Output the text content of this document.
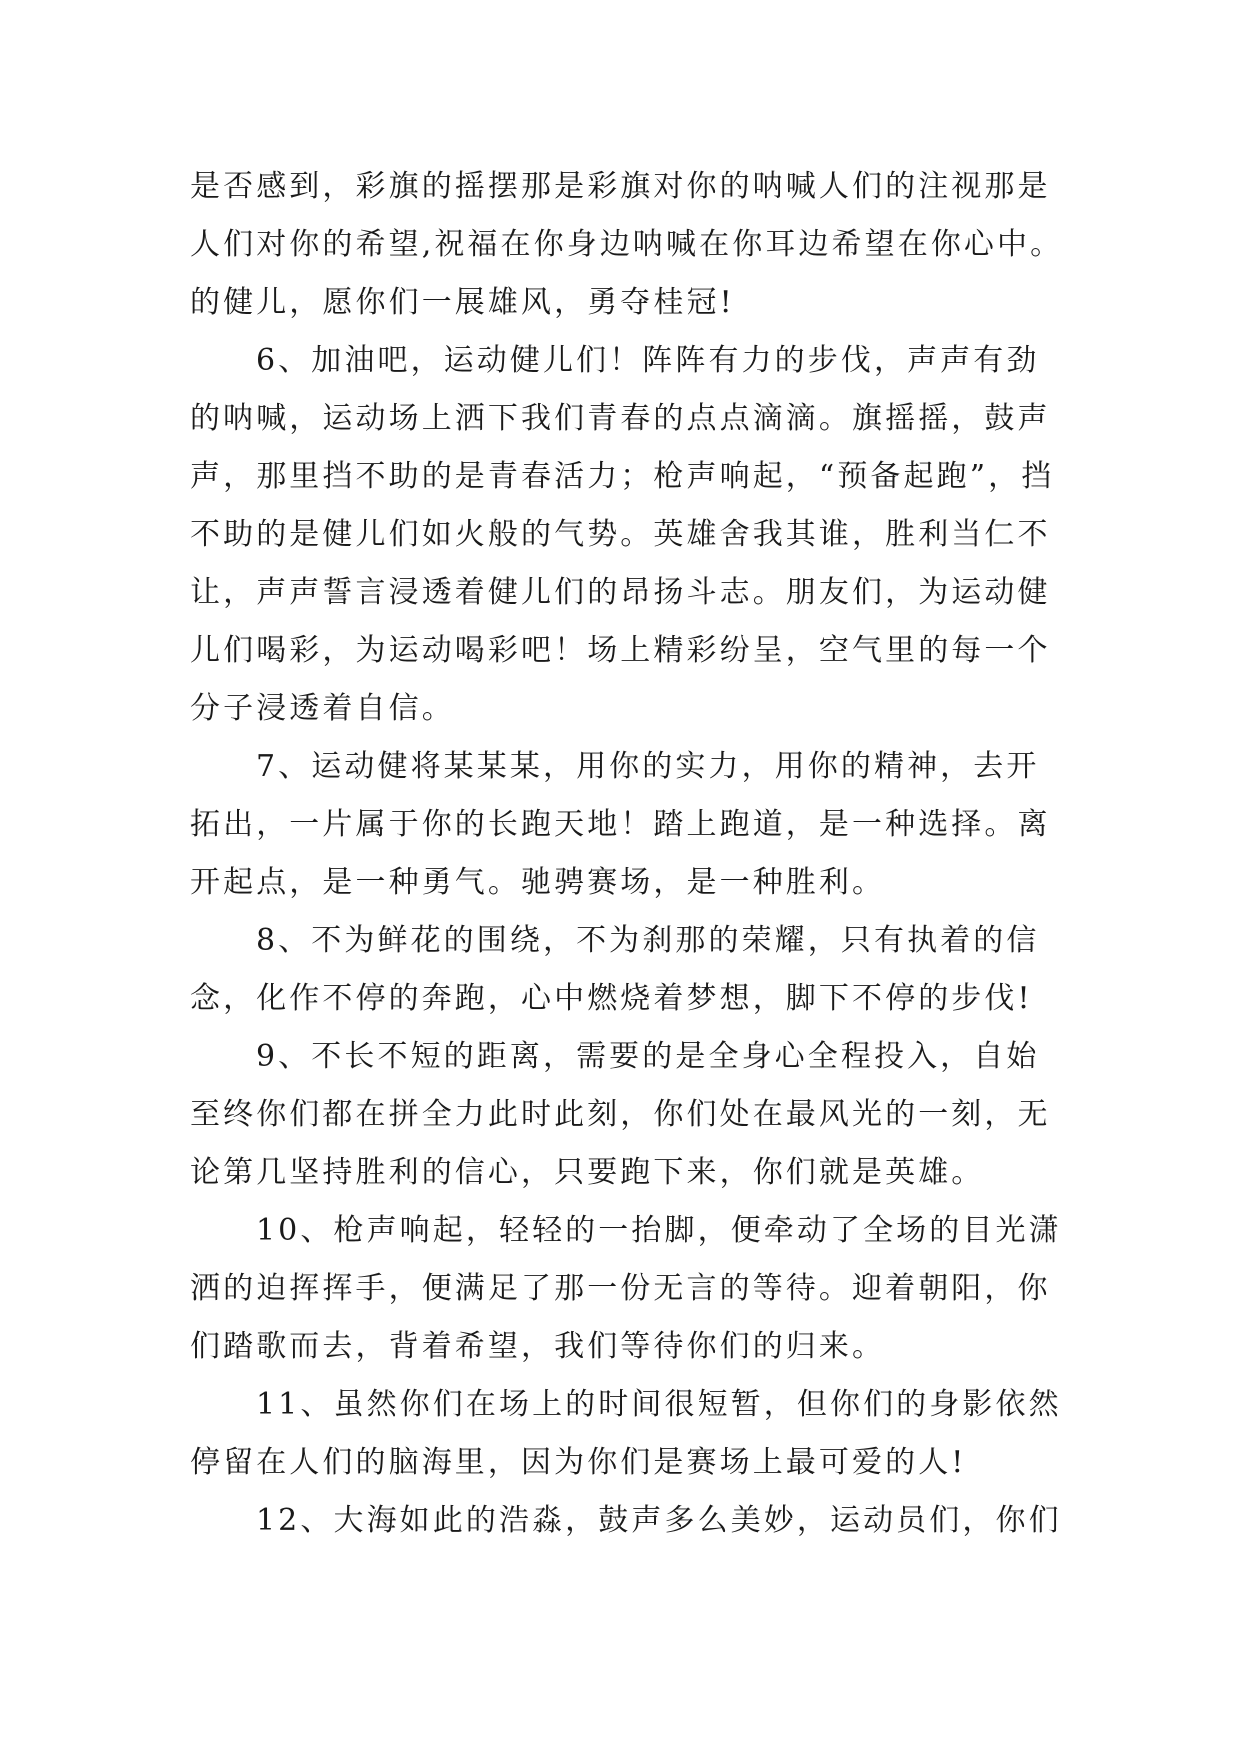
是否感到，彩旗的摇摆那是彩旗对你的呐喊人们的注视那是
人们对你的希望,祝福在你身边呐喊在你耳边希望在你心中。
的健儿，愿你们一展雄风，勇夺桂冠!
6、加油吧，运动健儿们！阵阵有力的步伐，声声有劲
的呐喊，运动场上洒下我们青春的点点滴滴。旗摇摇，鼓声
声，那里挡不助的是青春活力；枪声响起，“预备起跑”，挡
不助的是健儿们如火般的气势。英雄舍我其谁，胜利当仁不
让，声声誓言浸透着健儿们的昂扬斗志。朋友们，为运动健
儿们喝彩，为运动喝彩吧！场上精彩纷呈，空气里的每一个
分子浸透着自信。
7、运动健将某某某，用你的实力，用你的精神，去开
拓出，一片属于你的长跑天地！踏上跑道，是一种选择。离
开起点，是一种勇气。驰骋赛场，是一种胜利。
8、不为鲜花的围绕，不为刹那的荣耀，只有执着的信
念，化作不停的奔跑，心中燃烧着梦想，脚下不停的步伐!
9、不长不短的距离，需要的是全身心全程投入，自始
至终你们都在拼全力此时此刻，你们处在最风光的一刻，无
论第几坚持胜利的信心，只要跑下来，你们就是英雄。
10、枪声响起，轻轻的一抬脚，便牵动了全场的目光潇
洒的迫挥挥手，便满足了那一份无言的等待。迎着朝阳，你
们踏歌而去，背着希望，我们等待你们的归来。
11、虽然你们在场上的时间很短暂，但你们的身影依然
停留在人们的脑海里，因为你们是赛场上最可爱的人!
12、大海如此的浩淼，鼓声多么美妙，运动员们，你们
